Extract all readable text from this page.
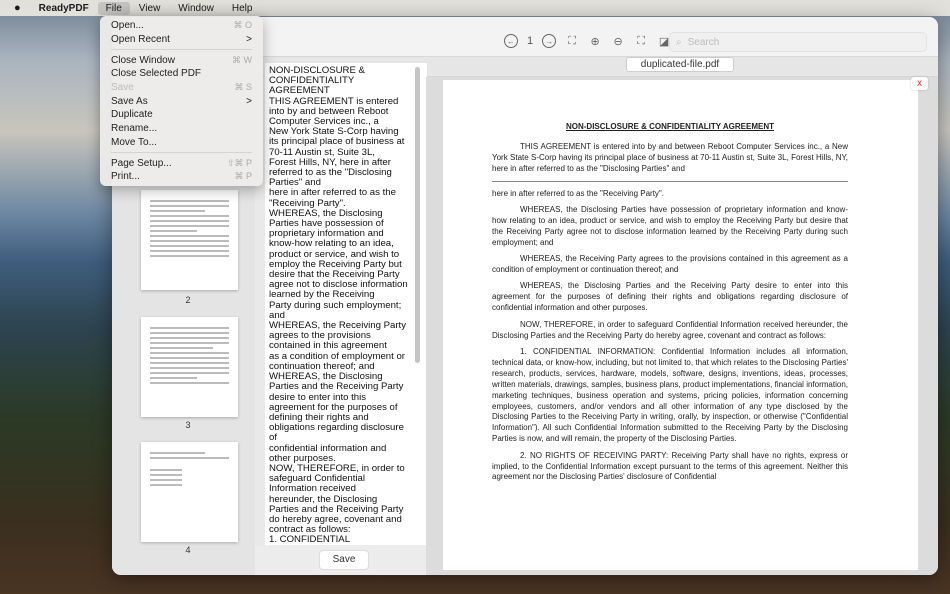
●	ReadyPDF	File	View	Window	Help
← 1	→ ⛶ ⊕ ⊖ ⛶ ◪ ⌕ Search
duplicated-file.pdf
2
3
4
NON-DISCLOSURE &
CONFIDENTIALITY
AGREEMENT
THIS AGREEMENT is entered
into by and between Reboot
Computer Services inc., a
New York State S-Corp having
its principal place of business at
70-11 Austin st, Suite 3L,
Forest Hills, NY, here in after
referred to as the "Disclosing
Parties" and
here in after referred to as the
"Receiving Party".
WHEREAS, the Disclosing
Parties have possession of
proprietary information and
know-how relating to an idea,
product or service, and wish to
employ the Receiving Party but
desire that the Receiving Party
agree not to disclose information
learned by the Receiving
Party during such employment;
and
WHEREAS, the Receiving Party
agrees to the provisions
contained in this agreement
as a condition of employment or
continuation thereof; and
WHEREAS, the Disclosing
Parties and the Receiving Party
desire to enter into this
agreement for the purposes of
defining their rights and
obligations regarding disclosure
of
confidential information and
other purposes.
NOW, THEREFORE, in order to
safeguard Confidential
Information received
hereunder, the Disclosing
Parties and the Receiving Party
do hereby agree, covenant and
contract as follows:
1. CONFIDENTIAL

Save
NON-DISCLOSURE & CONFIDENTIALITY AGREEMENT

THIS AGREEMENT is entered into by and between Reboot Computer Services inc., a New York State S-Corp having its principal place of business at 70-11 Austin st, Suite 3L, Forest Hills, NY, here in after referred to as the "Disclosing Parties" and

here in after referred to as the "Receiving Party".

WHEREAS, the Disclosing Parties have possession of proprietary information and know-how relating to an idea, product or service, and wish to employ the Receiving Party but desire that the Receiving Party agree not to disclose information learned by the Receiving Party during such employment; and

WHEREAS, the Receiving Party agrees to the provisions contained in this agreement as a condition of employment or continuation thereof; and

WHEREAS, the Disclosing Parties and the Receiving Party desire to enter into this agreement for the purposes of defining their rights and obligations regarding disclosure of confidential information and other purposes.

NOW, THEREFORE, in order to safeguard Confidential Information received hereunder, the Disclosing Parties and the Receiving Party do hereby agree, covenant and contract as follows:

1. CONFIDENTIAL INFORMATION: Confidential Information includes all information, technical data, or know-how, including, but not limited to, that which relates to the Disclosing Parties' research, products, services, hardware, models, software, designs, inventions, ideas, processes, written materials, drawings, samples, business plans, product implementations, financial information, marketing techniques, business operation and systems, pricing policies, information concerning employees, customers, and/or vendors and all other information of any type disclosed by the Disclosing Parties to the Receiving Party in writing, orally, by inspection, or otherwise ("Confidential Information"). All such Confidential Information submitted to the Receiving Party by the Disclosing Parties is now, and will remain, the property of the Disclosing Parties.

2. NO RIGHTS OF RECEIVING PARTY: Receiving Party shall have no rights, express or implied, to the Confidential Information except pursuant to the terms of this agreement. Neither this agreement nor the Disclosing Parties' disclosure of Confidential

x
Open...	⌘ O
Open Recent	>
Close Window	⌘ W
Close Selected PDF
Save	⌘ S
Save As	>
Duplicate
Rename...
Move To...
Page Setup...	⇧⌘ P
Print...	⌘ P
